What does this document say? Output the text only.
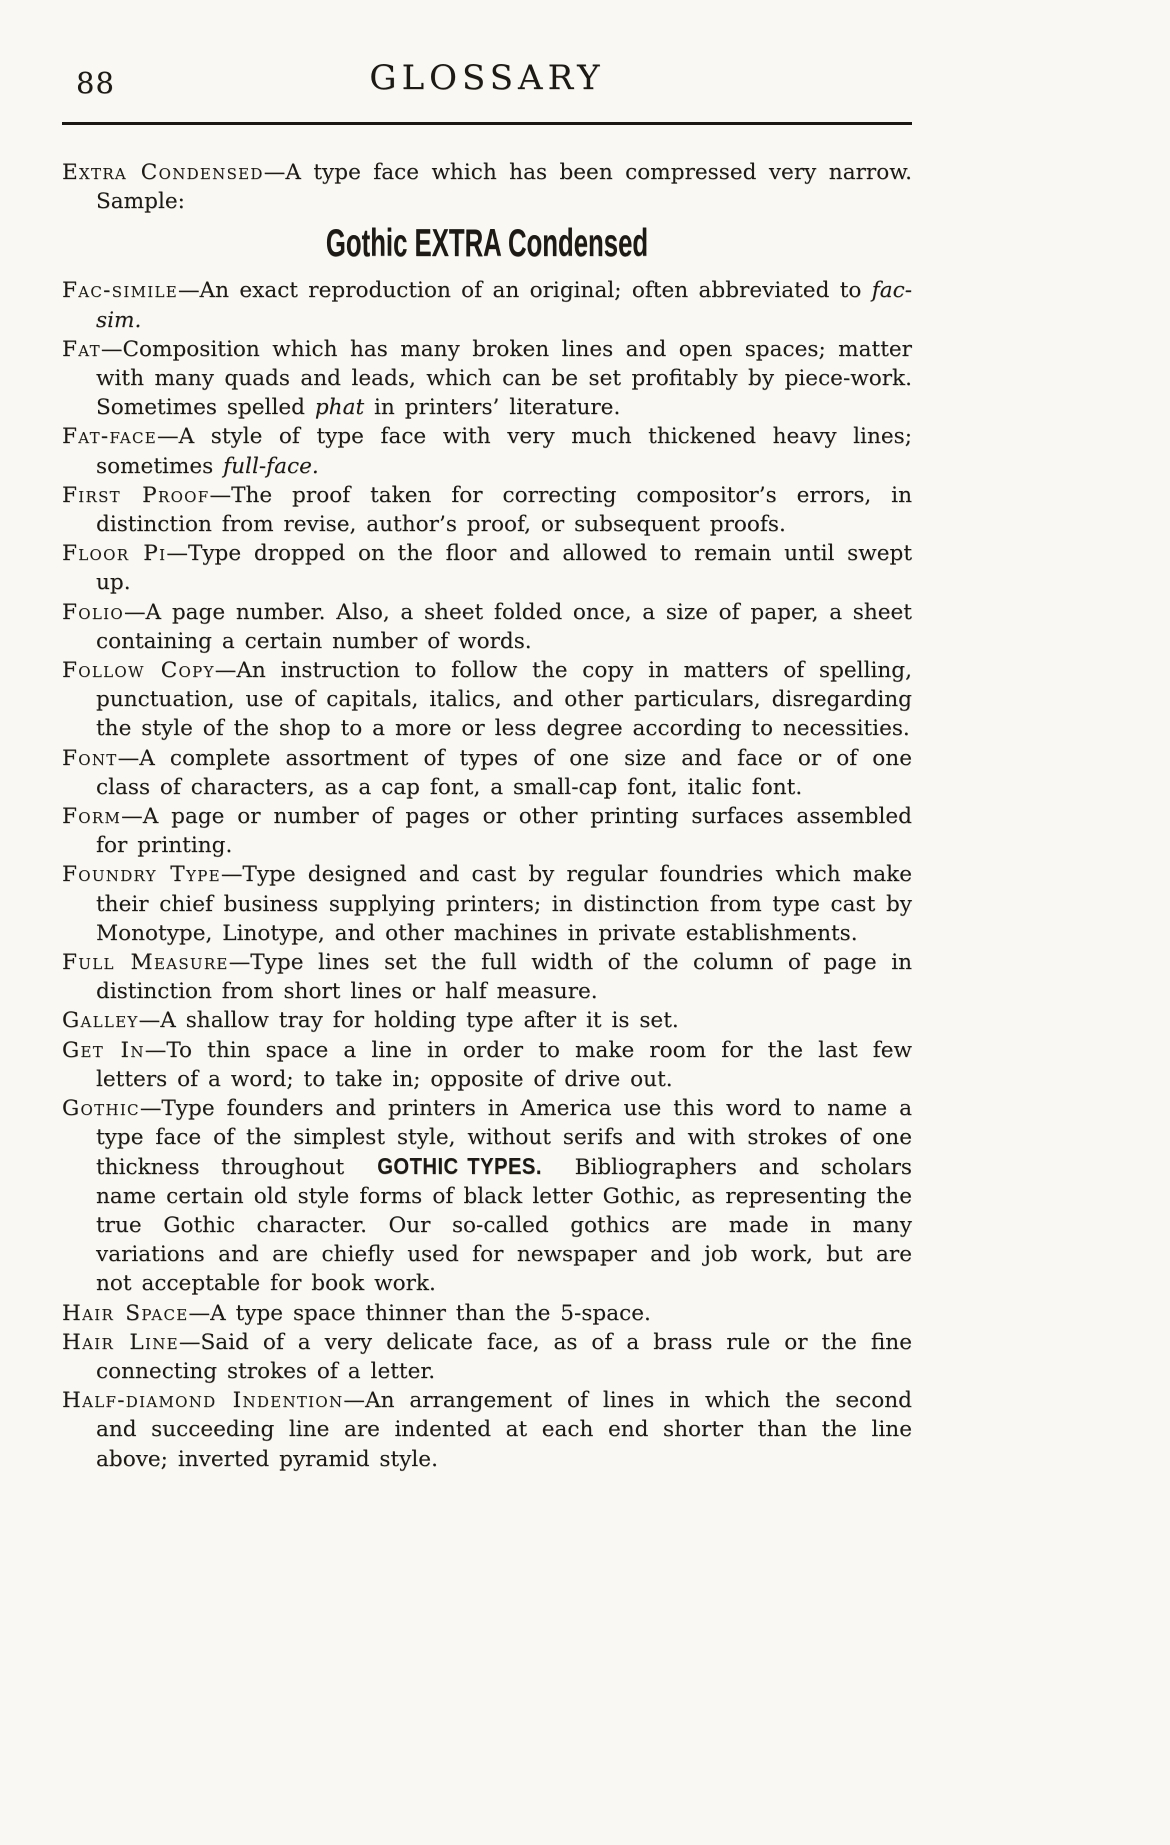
88	GLOSSARY

Extra Condensed—A type face which has been compressed very narrow. Sample:

Gothic EXTRA Condensed

Fac-simile—An exact reproduction of an original; often abbreviated to fac-sim.

Fat—Composition which has many broken lines and open spaces; matter with many quads and leads, which can be set profitably by piece-work. Sometimes spelled phat in printers’ literature.

Fat-face—A style of type face with very much thickened heavy lines; sometimes full-face.

First Proof—The proof taken for correcting compositor’s errors, in distinction from revise, author’s proof, or subsequent proofs.

Floor Pi—Type dropped on the floor and allowed to remain until swept up.

Folio—A page number. Also, a sheet folded once, a size of paper, a sheet containing a certain number of words.

Follow Copy—An instruction to follow the copy in matters of spelling, punctuation, use of capitals, italics, and other particulars, disregarding the style of the shop to a more or less degree according to necessities.

Font—A complete assortment of types of one size and face or of one class of characters, as a cap font, a small-cap font, italic font.

Form—A page or number of pages or other printing surfaces assembled for printing.

Foundry Type—Type designed and cast by regular foundries which make their chief business supplying printers; in distinction from type cast by Monotype, Linotype, and other machines in private establishments.

Full Measure—Type lines set the full width of the column of page in distinction from short lines or half measure.

Galley—A shallow tray for holding type after it is set.

Get In—To thin space a line in order to make room for the last few letters of a word; to take in; opposite of drive out.

Gothic—Type founders and printers in America use this word to name a type face of the simplest style, without serifs and with strokes of one thickness throughout GOTHIC TYPES. Bibliographers and scholars name certain old style forms of black letter Gothic, as representing the true Gothic character. Our so-called gothics are made in many variations and are chiefly used for newspaper and job work, but are not acceptable for book work.

Hair Space—A type space thinner than the 5-space.

Hair Line—Said of a very delicate face, as of a brass rule or the fine connecting strokes of a letter.

Half-diamond Indention—An arrangement of lines in which the second and succeeding line are indented at each end shorter than the line above; inverted pyramid style.
